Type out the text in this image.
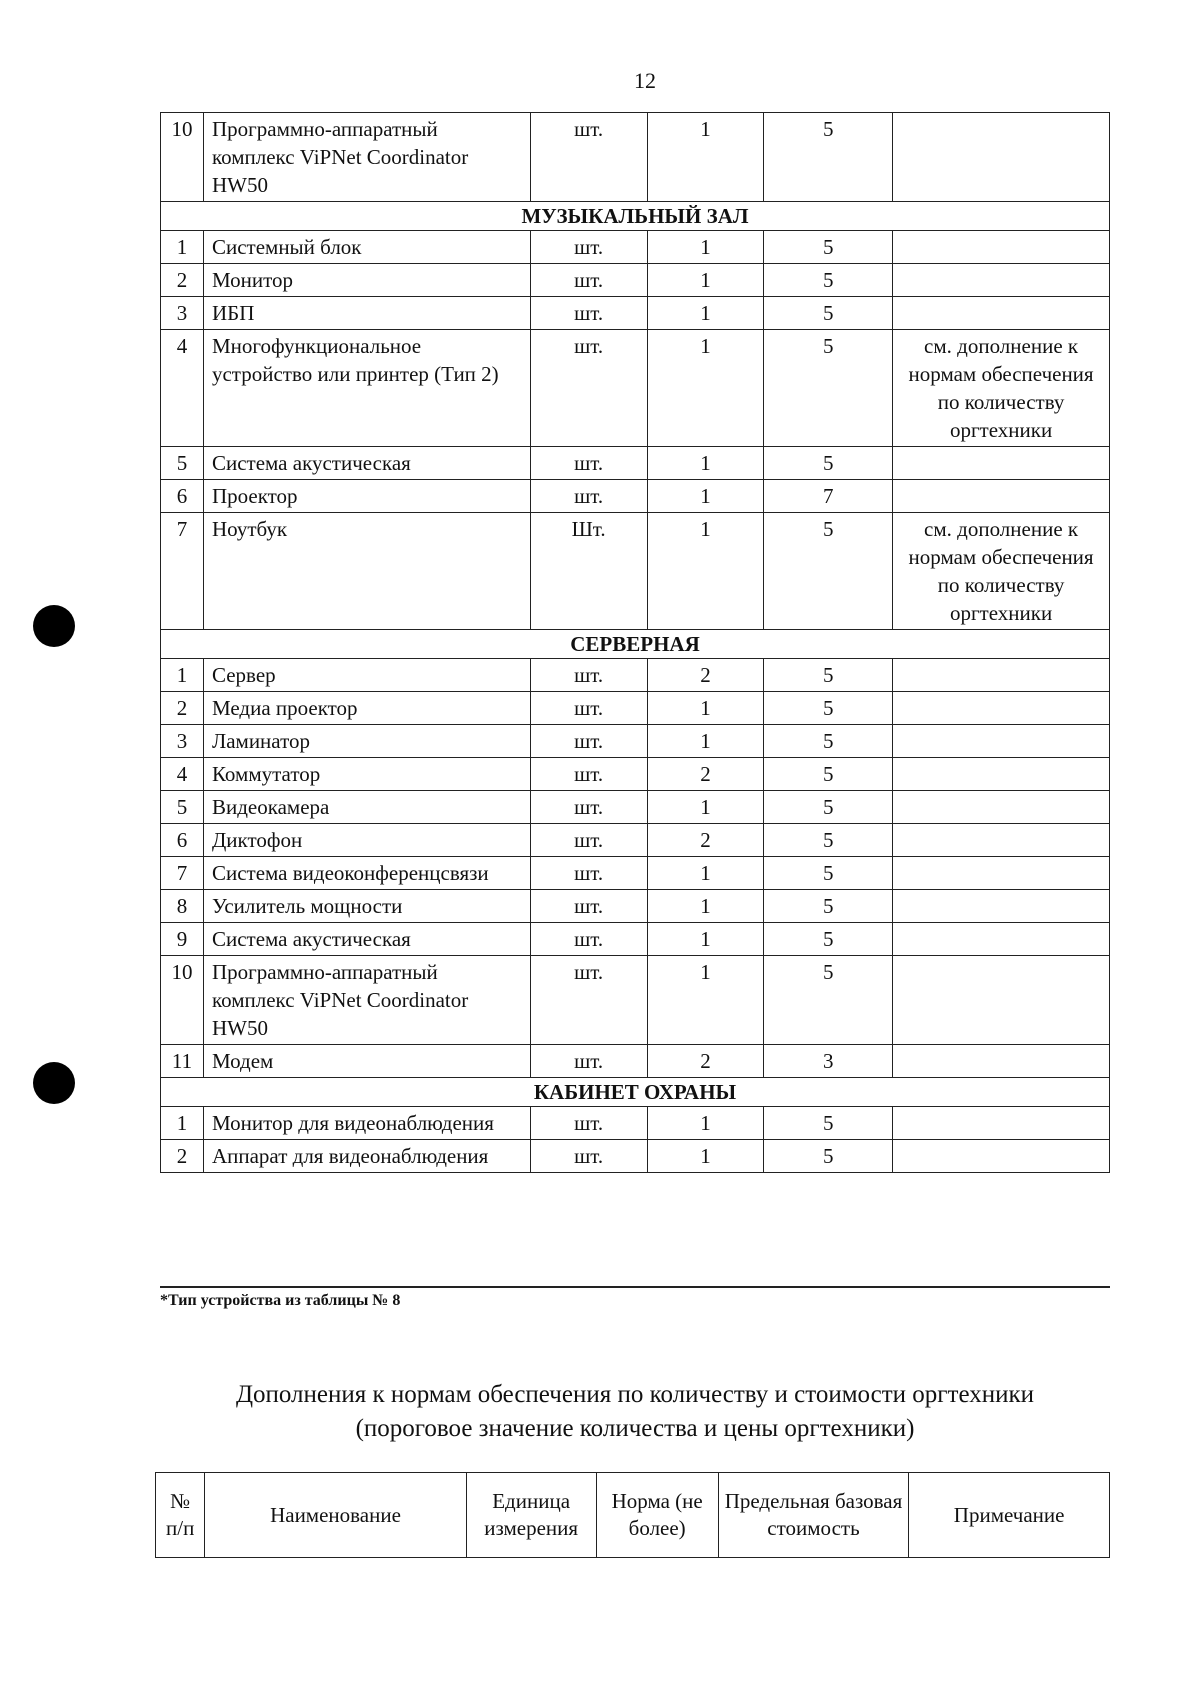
12
10	Программно-аппаратный комплекс ViPNet Coordinator HW50	шт.	1	5	
МУЗЫКАЛЬНЫЙ ЗАЛ					
1	Системный блок	шт.	1	5	
2	Монитор	шт.	1	5	
3	ИБП	шт.	1	5	
4	Многофункциональное устройство или принтер (Тип 2)	шт.	1	5	см. дополнение к нормам обеспечения по количеству оргтехники
5	Система акустическая	шт.	1	5	
6	Проектор	шт.	1	7	
7	Ноутбук	Шт.	1	5	см. дополнение к нормам обеспечения по количеству оргтехники
СЕРВЕРНАЯ					
1	Сервер	шт.	2	5	
2	Медиа проектор	шт.	1	5	
3	Ламинатор	шт.	1	5	
4	Коммутатор	шт.	2	5	
5	Видеокамера	шт.	1	5	
6	Диктофон	шт.	2	5	
7	Система видеоконференцсвязи	шт.	1	5	
8	Усилитель мощности	шт.	1	5	
9	Система акустическая	шт.	1	5	
10	Программно-аппаратный комплекс ViPNet Coordinator HW50	шт.	1	5	
11	Модем	шт.	2	3	
КАБИНЕТ ОХРАНЫ					
1	Монитор для видеонаблюдения	шт.	1	5	
2	Аппарат для видеонаблюдения	шт.	1	5	
*Тип устройства из таблицы № 8
Дополнения к нормам обеспечения по количеству и стоимости оргтехники
(пороговое значение количества и цены оргтехники)
№ п/п	Наименование	Единица измерения	Норма (не более)	Предельная базовая стоимость	Примечание
